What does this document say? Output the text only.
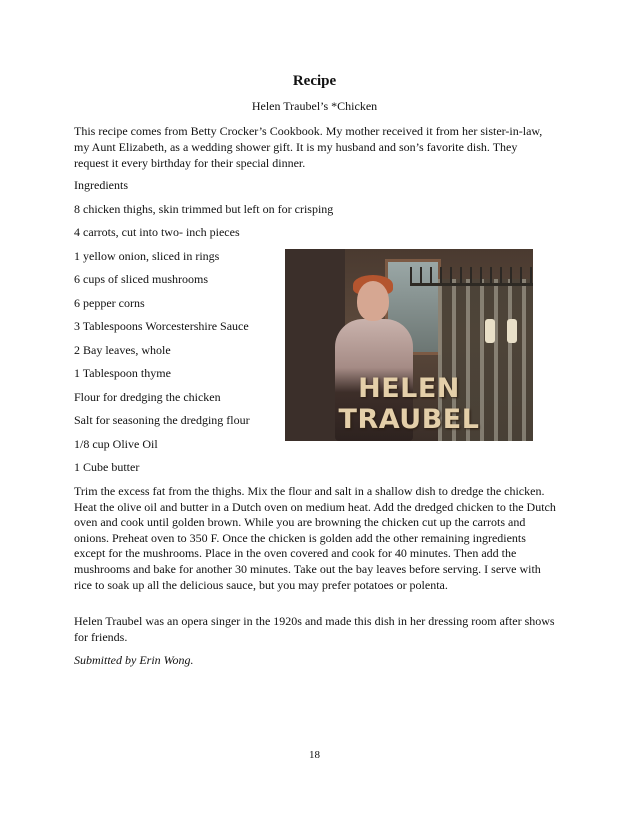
Recipe
Helen Traubel’s *Chicken
This recipe comes from Betty Crocker’s Cookbook. My mother received it from her sister-in-law, my Aunt Elizabeth, as a wedding shower gift. It is my husband and son’s favorite dish. They request it every birthday for their special dinner.
Ingredients
8 chicken thighs, skin trimmed but left on for crisping
4 carrots, cut into two- inch pieces
1 yellow onion, sliced in rings
6 cups of sliced mushrooms
6 pepper corns
3 Tablespoons Worcestershire Sauce
2 Bay leaves, whole
1 Tablespoon thyme
Flour for dredging the chicken
Salt for seasoning the dredging flour
1/8 cup Olive Oil
1 Cube butter
HELEN TRAUBEL
Trim the excess fat from the thighs. Mix the flour and salt in a shallow dish to dredge the chicken. Heat the olive oil and butter in a Dutch oven on medium heat. Add the dredged chicken to the Dutch oven and cook until golden brown. While you are browning the chicken cut up the carrots and onions. Preheat oven to 350 F. Once the chicken is golden add the other remaining ingredients except for the mushrooms. Place in the oven covered and cook for 40 minutes. Then add the mushrooms and bake for another 30 minutes. Take out the bay leaves before serving. I serve with rice to soak up all the delicious sauce, but you may prefer potatoes or polenta.
Helen Traubel was an opera singer in the 1920s and made this dish in her dressing room after shows for friends.
Submitted by Erin Wong.
18
